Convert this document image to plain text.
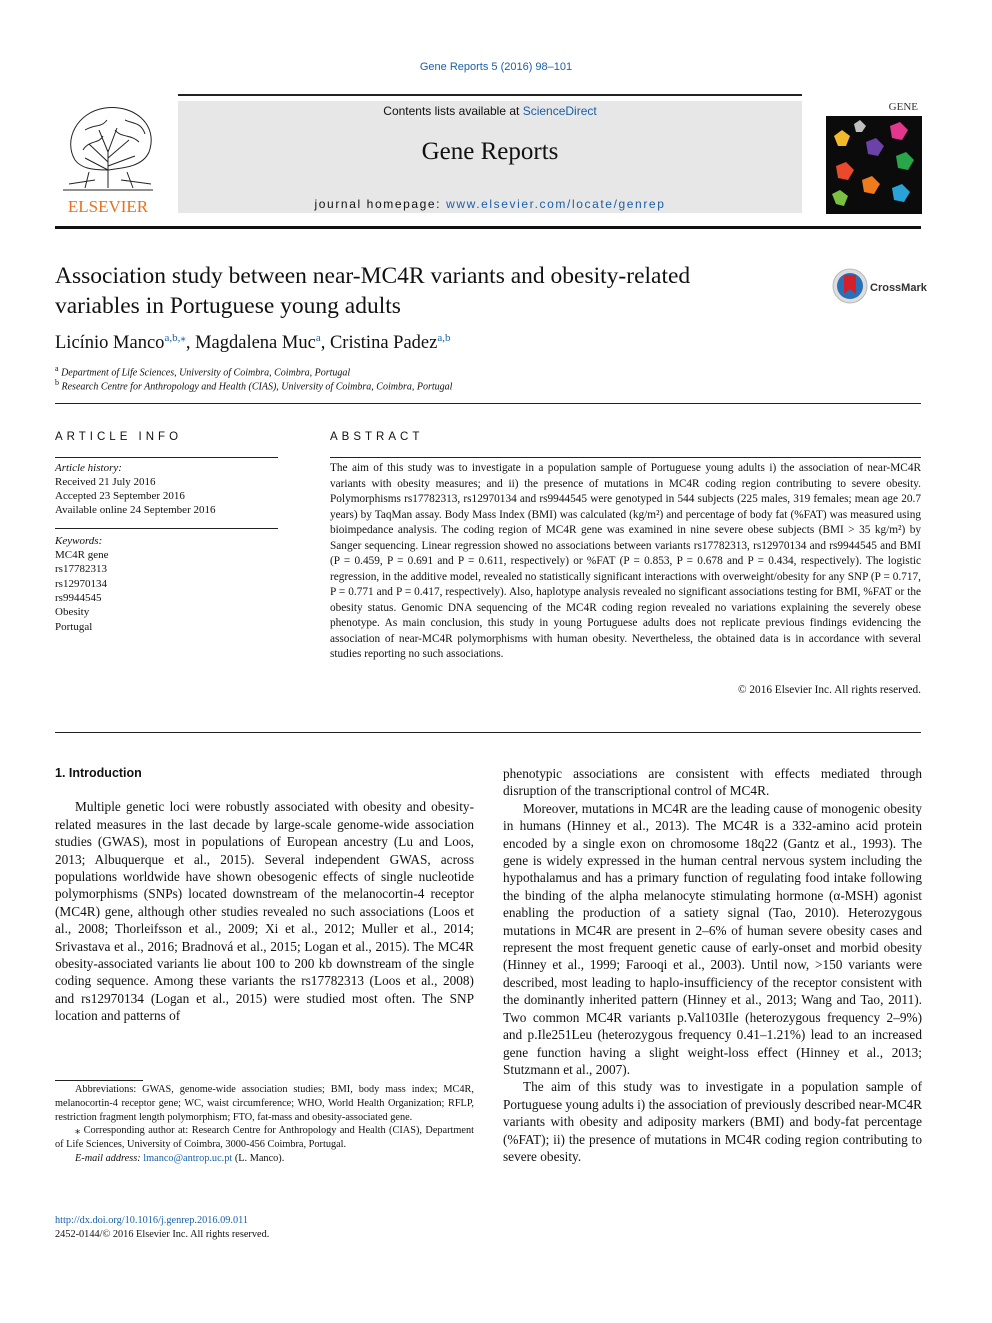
Gene Reports 5 (2016) 98–101
ELSEVIER
Contents lists available at ScienceDirect
Gene Reports
journal homepage: www.elsevier.com/locate/genrep
GENE
Association study between near-MC4R variants and obesity-related
variables in Portuguese young adults
CrossMark
Licínio Manco$^{a,b,⁎}$, Magdalena Muc$^a$, Cristina Padez$^{a,b}$
$^a$ Department of Life Sciences, University of Coimbra, Coimbra, Portugal
$^b$ Research Centre for Anthropology and Health (CIAS), University of Coimbra, Coimbra, Portugal
ARTICLE INFO
Article history:
Received 21 July 2016
Accepted 23 September 2016
Available online 24 September 2016
Keywords:
MC4R gene
rs17782313
rs12970134
rs9944545
Obesity
Portugal
ABSTRACT
The aim of this study was to investigate in a population sample of Portuguese young adults i) the association of near-MC4R variants with obesity measures; and ii) the presence of mutations in MC4R coding region contributing to severe obesity. Polymorphisms rs17782313, rs12970134 and rs9944545 were genotyped in 544 subjects (225 males, 319 females; mean age 20.7 years) by TaqMan assay. Body Mass Index (BMI) was calculated (kg/m²) and percentage of body fat (%FAT) was measured using bioimpedance analysis. The coding region of MC4R gene was examined in nine severe obese subjects (BMI > 35 kg/m²) by Sanger sequencing. Linear regression showed no associations between variants rs17782313, rs12970134 and rs9944545 and BMI (P = 0.459, P = 0.691 and P = 0.611, respectively) or %FAT (P = 0.853, P = 0.678 and P = 0.434, respectively). The logistic regression, in the additive model, revealed no statistically significant interactions with overweight/obesity for any SNP (P = 0.717, P = 0.771 and P = 0.417, respectively). Also, haplotype analysis revealed no significant associations testing for BMI, %FAT or the obesity status. Genomic DNA sequencing of the MC4R coding region revealed no variations explaining the severely obese phenotype. As main conclusion, this study in young Portuguese adults does not replicate previous findings evidencing the association of near-MC4R polymorphisms with human obesity. Nevertheless, the obtained data is in accordance with several studies reporting no such associations.
© 2016 Elsevier Inc. All rights reserved.
1. Introduction

Multiple genetic loci were robustly associated with obesity and obesity-related measures in the last decade by large-scale genome-wide association studies (GWAS), most in populations of European ancestry (Lu and Loos, 2013; Albuquerque et al., 2015). Several independent GWAS, across populations worldwide have shown obesogenic effects of single nucleotide polymorphisms (SNPs) located downstream of the melanocortin-4 receptor (MC4R) gene, although other studies revealed no such associations (Loos et al., 2008; Thorleifsson et al., 2009; Xi et al., 2012; Muller et al., 2014; Srivastava et al., 2016; Bradnová et al., 2015; Logan et al., 2015). The MC4R obesity-associated variants lie about 100 to 200 kb downstream of the single coding sequence. Among these variants the rs17782313 (Loos et al., 2008) and rs12970134 (Logan et al., 2015) were studied most often. The SNP location and patterns of

phenotypic associations are consistent with effects mediated through disruption of the transcriptional control of MC4R.

Moreover, mutations in MC4R are the leading cause of monogenic obesity in humans (Hinney et al., 2013). The MC4R is a 332-amino acid protein encoded by a single exon on chromosome 18q22 (Gantz et al., 1993). The gene is widely expressed in the human central nervous system including the hypothalamus and has a primary function of regulating food intake following the binding of the alpha melanocyte stimulating hormone (α-MSH) agonist enabling the production of a satiety signal (Tao, 2010). Heterozygous mutations in MC4R are present in 2–6% of human severe obesity cases and represent the most frequent genetic cause of early-onset and morbid obesity (Hinney et al., 1999; Farooqi et al., 2003). Until now, >150 variants were described, most leading to haplo-insufficiency of the receptor consistent with the dominantly inherited pattern (Hinney et al., 2013; Wang and Tao, 2011). Two common MC4R variants p.Val103Ile (heterozygous frequency 2–9%) and p.Ile251Leu (heterozygous frequency 0.41–1.21%) lead to an increased gene function having a slight weight-loss effect (Hinney et al., 2013; Stutzmann et al., 2007).

The aim of this study was to investigate in a population sample of Portuguese young adults i) the association of previously described near-MC4R variants with obesity and adiposity markers (BMI) and body-fat percentage (%FAT); ii) the presence of mutations in MC4R coding region contributing to severe obesity.

Abbreviations: GWAS, genome-wide association studies; BMI, body mass index; MC4R, melanocortin-4 receptor gene; WC, waist circumference; WHO, World Health Organization; RFLP, restriction fragment length polymorphism; FTO, fat-mass and obesity-associated gene.

⁎ Corresponding author at: Research Centre for Anthropology and Health (CIAS), Department of Life Sciences, University of Coimbra, 3000-456 Coimbra, Portugal.

E-mail address: lmanco@antrop.uc.pt (L. Manco).

http://dx.doi.org/10.1016/j.genrep.2016.09.011
2452-0144/© 2016 Elsevier Inc. All rights reserved.
